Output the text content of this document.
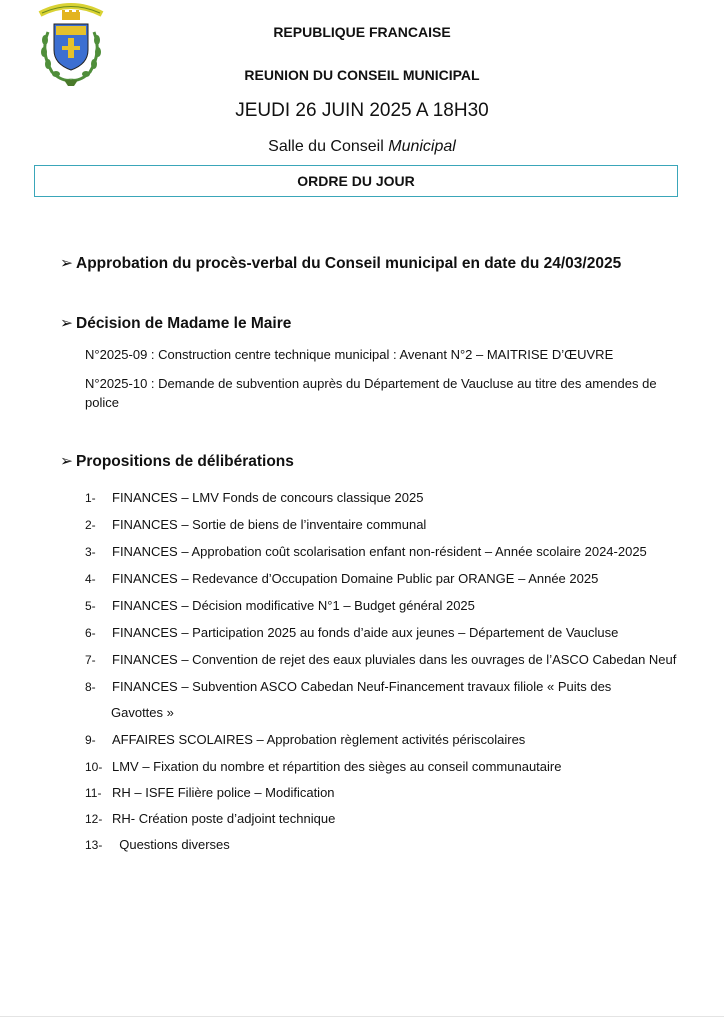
REPUBLIQUE FRANCAISE

REUNION DU CONSEIL MUNICIPAL

JEUDI 26 JUIN 2025 A 18H30

Salle du Conseil Municipal

ORDRE DU JOUR

➢ Approbation du procès-verbal du Conseil municipal en date du 24/03/2025

➢ Décision de Madame le Maire

N°2025-09 : Construction centre technique municipal : Avenant N°2 – MAITRISE D’ŒUVRE

N°2025-10 : Demande de subvention auprès du Département de Vaucluse au titre des amendes de police

➢ Propositions de délibérations

1- FINANCES – LMV Fonds de concours classique 2025

2- FINANCES – Sortie de biens de l’inventaire communal

3- FINANCES – Approbation coût scolarisation enfant non-résident – Année scolaire 2024-2025

4- FINANCES – Redevance d’Occupation Domaine Public par ORANGE – Année 2025

5- FINANCES – Décision modificative N°1 – Budget général 2025

6- FINANCES – Participation 2025 au fonds d’aide aux jeunes – Département de Vaucluse

7- FINANCES – Convention de rejet des eaux pluviales dans les ouvrages de l’ASCO Cabedan Neuf

8- FINANCES – Subvention ASCO Cabedan Neuf-Financement travaux filiole « Puits des

Gavottes »

9- AFFAIRES SCOLAIRES – Approbation règlement activités périscolaires

10- LMV – Fixation du nombre et répartition des sièges au conseil communautaire

11- RH – ISFE Filière police – Modification

12- RH- Création poste d’adjoint technique

13-  Questions diverses
